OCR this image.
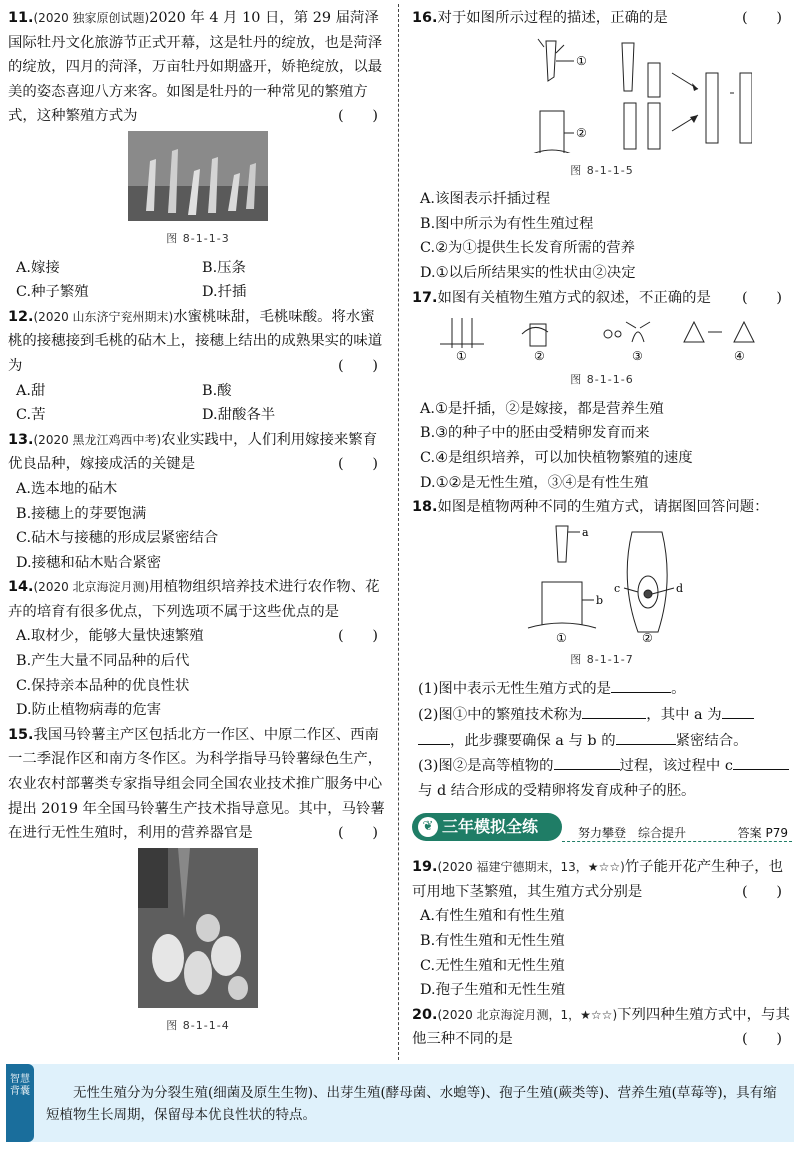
11.(2020 独家原创试题)2020 年 4 月 10 日，第 29 届菏泽国际牡丹文化旅游节正式开幕，这是牡丹的绽放，也是菏泽的绽放，四月的菏泽，万亩牡丹如期盛开，娇艳绽放，以最美的姿态喜迎八方来客。如图是牡丹的一种常见的繁殖方式，这种繁殖方式为	(　　)

图 8-1-1-3
A.嫁接	B.压条
C.种子繁殖	D.扦插

12.(2020 山东济宁兖州期末)水蜜桃味甜，毛桃味酸。将水蜜桃的接穗接到毛桃的砧木上，接穗上结出的成熟果实的味道为	(　　)

A.甜	B.酸
C.苦	D.甜酸各半

13.(2020 黑龙江鸡西中考)农业实践中，人们利用嫁接来繁育优良品种，嫁接成活的关键是	(　　)

A.选本地的砧木

B.接穗上的芽要饱满

C.砧木与接穗的形成层紧密结合

D.接穗和砧木贴合紧密

14.(2020 北京海淀月测)用植物组织培养技术进行农作物、花卉的培育有很多优点，下列选项不属于这些优点的是
(　　)

A.取材少，能够大量快速繁殖

B.产生大量不同品种的后代

C.保持亲本品种的优良性状

D.防止植物病毒的危害

15.我国马铃薯主产区包括北方一作区、中原二作区、西南一二季混作区和南方冬作区。为科学指导马铃薯绿色生产，农业农村部薯类专家指导组会同全国农业技术推广服务中心提出 2019 年全国马铃薯生产技术指导意见。其中，马铃薯在进行无性生殖时，利用的营养器官是	(　　)

图 8-1-1-4

16.对于如图所示过程的描述，正确的是	(　　)

①
②
图 8-1-1-5

A.该图表示扦插过程

B.图中所示为有性生殖过程

C.②为①提供生长发育所需的营养

D.①以后所结果实的性状由②决定

17.如图有关植物生殖方式的叙述，不正确的是 (　　)

①	②	③	④
图 8-1-1-6

A.①是扦插，②是嫁接，都是营养生殖

B.③的种子中的胚由受精卵发育而来

C.④是组织培养，可以加快植物繁殖的速度

D.①②是无性生殖，③④是有性生殖

18.如图是植物两种不同的生殖方式，请据图回答问题：

a
b
c	d
①	②
图 8-1-1-7

(1)图中表示无性生殖方式的是	。

(2)图①中的繁殖技术称为	，其中 a 为
，此步骤要确保 a 与 b 的	紧密结合。

(3)图②是高等植物的	过程，该过程中 c与 d 结合形成的受精卵将发育成种子的胚。

❦ 三年模拟全练	努力攀登　综合提升	答案 P79

19.(2020 福建宁德期末，13，★☆☆)竹子能开花产生种子，也可用地下茎繁殖，其生殖方式分别是	(　　)

A.有性生殖和有性生殖

B.有性生殖和无性生殖

C.无性生殖和无性生殖

D.孢子生殖和无性生殖

20.(2020 北京海淀月测，1，★☆☆)下列四种生殖方式中，与其他三种不同的是	(　　)

智慧背囊	无性生殖分为分裂生殖(细菌及原生生物)、出芽生殖(酵母菌、水螅等)、孢子生殖(蕨类等)、营养生殖(草莓等)，具有缩短植物生长周期，保留母本优良性状的特点。
